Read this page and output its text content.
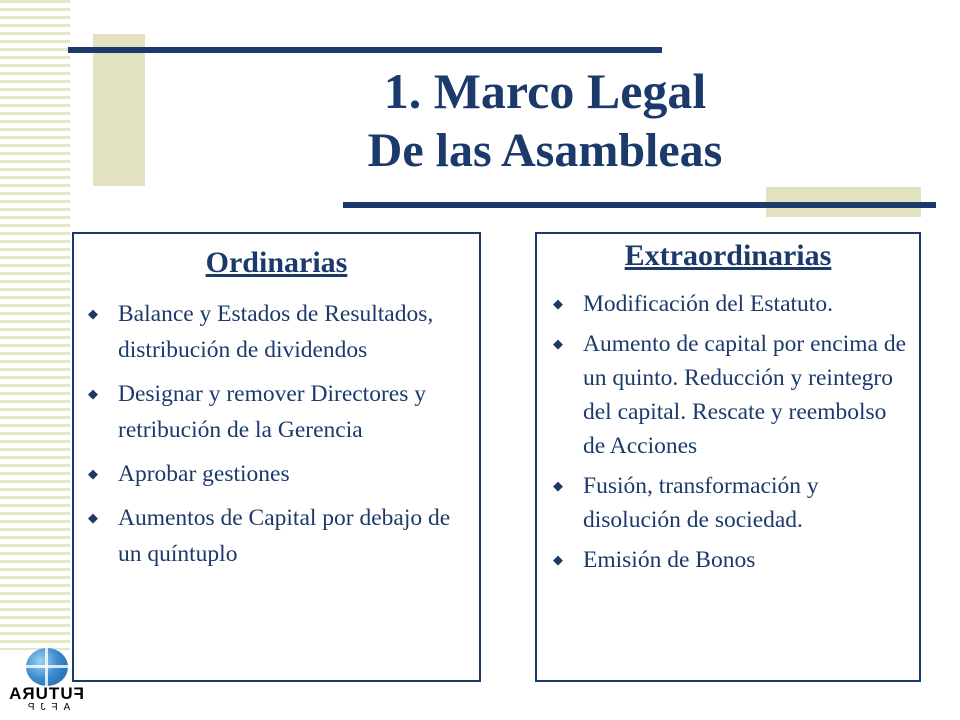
1. Marco Legal
De las Asambleas
Ordinarias
◆ Balance y Estados de Resultados, distribución de dividendos
◆ Designar y remover Directores y retribución de la Gerencia
◆ Aprobar gestiones
◆ Aumentos de Capital por debajo de un quíntuplo
Extraordinarias
◆ Modificación del Estatuto.
◆ Aumento de capital por encima de un quinto. Reducción y reintegro del capital. Rescate y reembolso de Acciones
◆ Fusión, transformación y disolución de sociedad.
◆ Emisión de Bonos
FUTURA
AFJP
